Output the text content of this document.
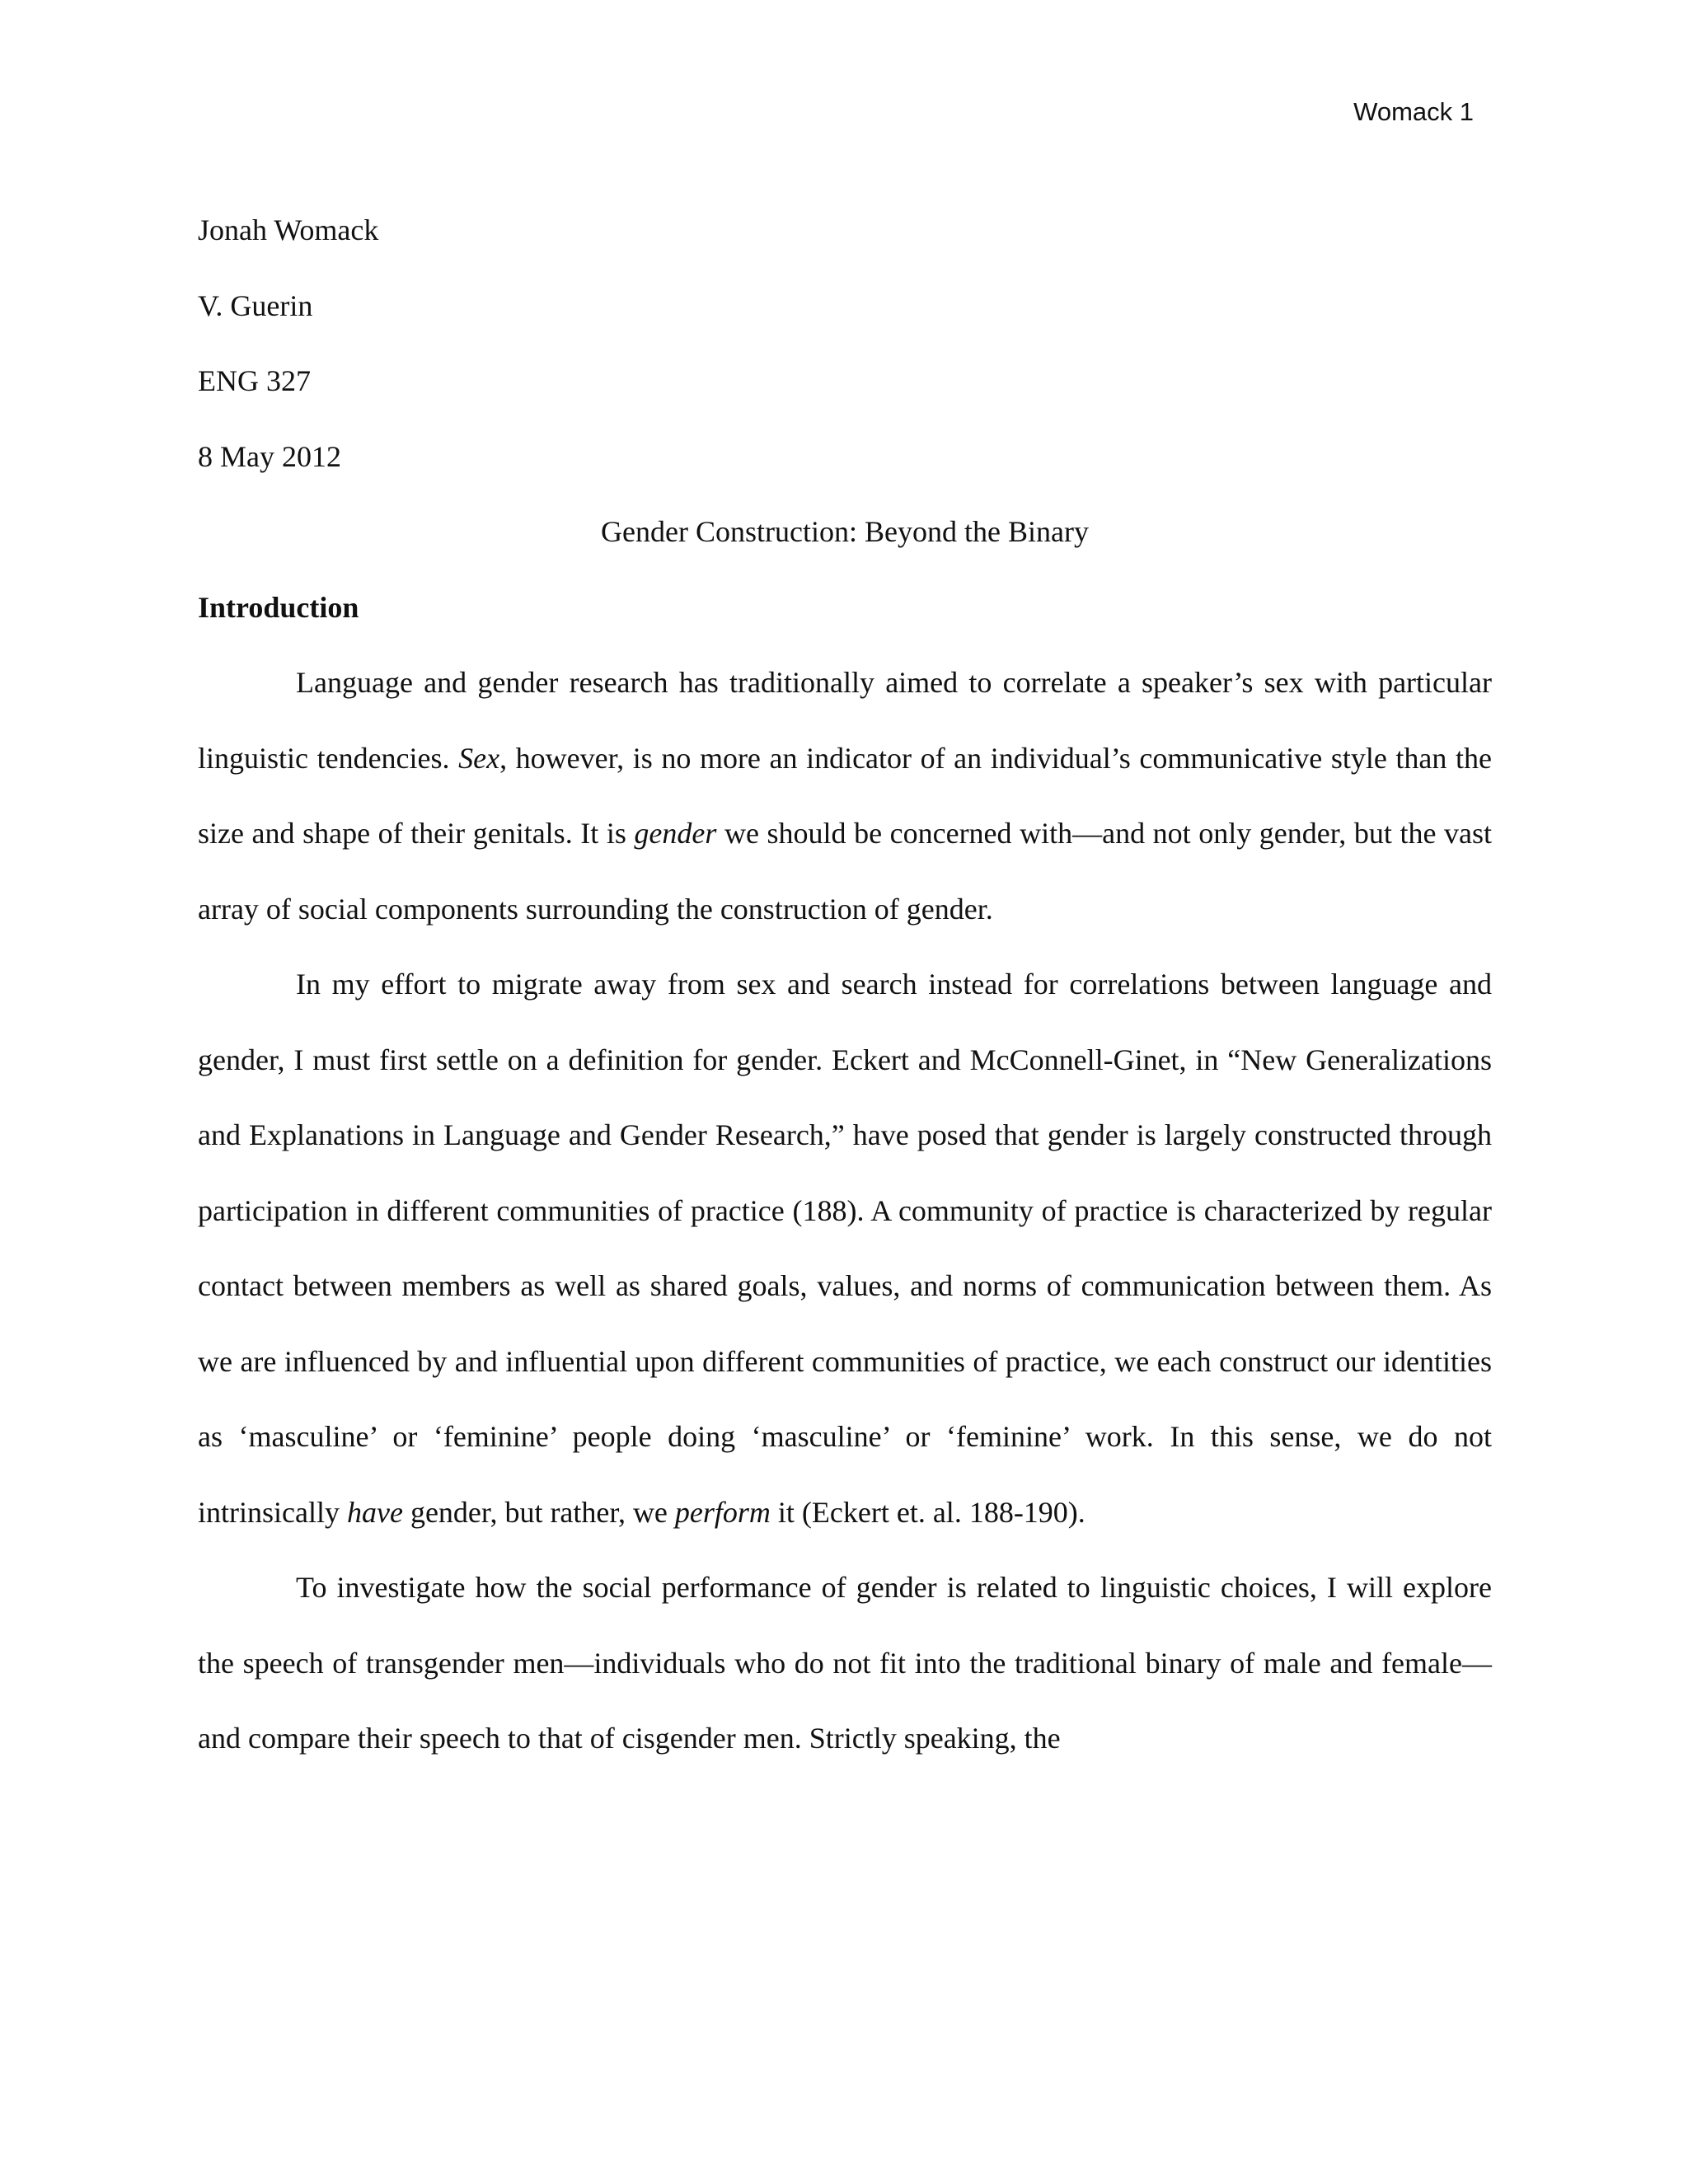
Womack 1
Jonah Womack
V. Guerin
ENG 327
8 May 2012
Gender Construction: Beyond the Binary
Introduction

Language and gender research has traditionally aimed to correlate a speaker’s sex with particular linguistic tendencies. Sex, however, is no more an indicator of an individual’s communicative style than the size and shape of their genitals. It is gender we should be concerned with—and not only gender, but the vast array of social components surrounding the construction of gender.

In my effort to migrate away from sex and search instead for correlations between language and gender, I must first settle on a definition for gender. Eckert and McConnell-Ginet, in “New Generalizations and Explanations in Language and Gender Research,” have posed that gender is largely constructed through participation in different communities of practice (188). A community of practice is characterized by regular contact between members as well as shared goals, values, and norms of communication between them. As we are influenced by and influential upon different communities of practice, we each construct our identities as ‘masculine’ or ‘feminine’ people doing ‘masculine’ or ‘feminine’ work. In this sense, we do not intrinsically have gender, but rather, we perform it (Eckert et. al. 188-190).

To investigate how the social performance of gender is related to linguistic choices, I will explore the speech of transgender men—individuals who do not fit into the traditional binary of male and female—and compare their speech to that of cisgender men. Strictly speaking, the
